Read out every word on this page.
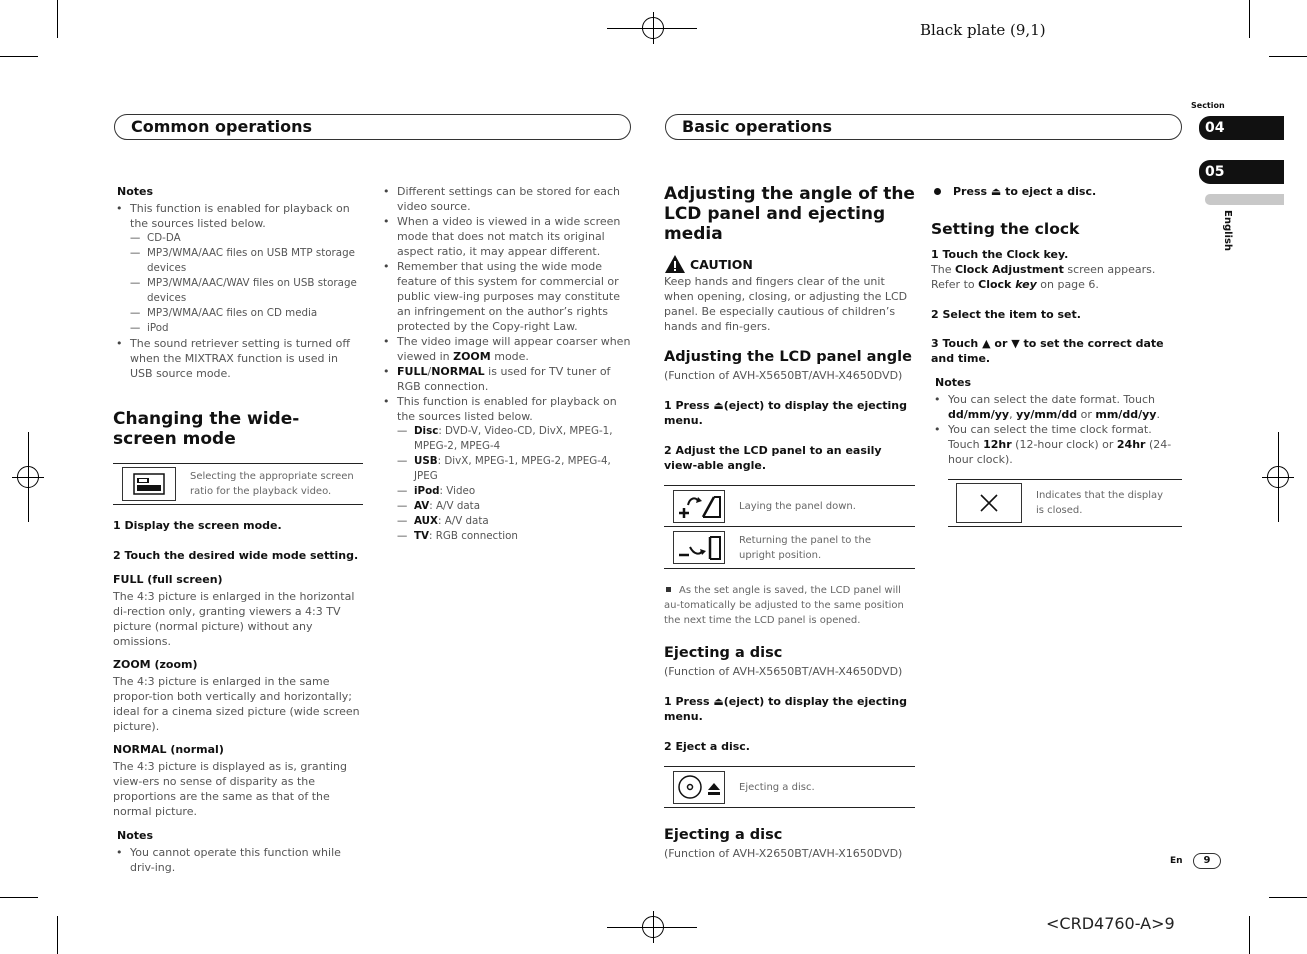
Black plate (9,1)
<CRD4760-A>9
Section
04
05
English
En	9
Common operations	Basic operations
Notes
• This function is enabled for playback on the sources listed below.
— CD-DA
— MP3/WMA/AAC files on USB MTP storage devices
— MP3/WMA/AAC/WAV files on USB storage devices
— MP3/WMA/AAC files on CD media
— iPod
• The sound retriever setting is turned off when the MIXTRAX function is used in USB source mode.
Changing the wide-screen mode
Selecting the appropriate screen ratio for the playback video.
1 Display the screen mode.
2 Touch the desired wide mode setting.
FULL (full screen)
The 4:3 picture is enlarged in the horizontal di-rection only, granting viewers a 4:3 TV picture (normal picture) without any omissions.
ZOOM (zoom)
The 4:3 picture is enlarged in the same propor-tion both vertically and horizontally; ideal for a cinema sized picture (wide screen picture).
NORMAL (normal)
The 4:3 picture is displayed as is, granting view-ers no sense of disparity as the proportions are the same as that of the normal picture.
Notes
• You cannot operate this function while driv-ing.
• Different settings can be stored for each video source.
• When a video is viewed in a wide screen mode that does not match its original aspect ratio, it may appear different.
• Remember that using the wide mode feature of this system for commercial or public view-ing purposes may constitute an infringement on the author’s rights protected by the Copy-right Law.
• The video image will appear coarser when viewed in ZOOM mode.
• FULL/NORMAL is used for TV tuner of RGB connection.
• This function is enabled for playback on the sources listed below.
— Disc: DVD-V, Video-CD, DivX, MPEG-1, MPEG-2, MPEG-4
— USB: DivX, MPEG-1, MPEG-2, MPEG-4, JPEG
— iPod: Video
— AV: A/V data
— AUX: A/V data
— TV: RGB connection
Adjusting the angle of the LCD panel and ejecting media
CAUTION
Keep hands and fingers clear of the unit when opening, closing, or adjusting the LCD panel. Be especially cautious of children’s hands and fin-gers.
Adjusting the LCD panel angle
(Function of AVH-X5650BT/AVH-X4650DVD)
1 Press ⏏(eject) to display the ejecting menu.
2 Adjust the LCD panel to an easily view-able angle.
Laying the panel down.
Returning the panel to the upright position.
As the set angle is saved, the LCD panel will au-tomatically be adjusted to the same position the next time the LCD panel is opened.
Ejecting a disc
(Function of AVH-X5650BT/AVH-X4650DVD)
1 Press ⏏(eject) to display the ejecting menu.
2 Eject a disc.
Ejecting a disc.
Ejecting a disc
(Function of AVH-X2650BT/AVH-X1650DVD)
Press ⏏ to eject a disc.
Setting the clock
1 Touch the Clock key.
The Clock Adjustment screen appears.
Refer to Clock key on page 6.
2 Select the item to set.
3 Touch ▲ or ▼ to set the correct date and time.
Notes
• You can select the date format. Touch dd/mm/yy, yy/mm/dd or mm/dd/yy.
• You can select the time clock format. Touch 12hr (12-hour clock) or 24hr (24-hour clock).
Indicates that the display is closed.
